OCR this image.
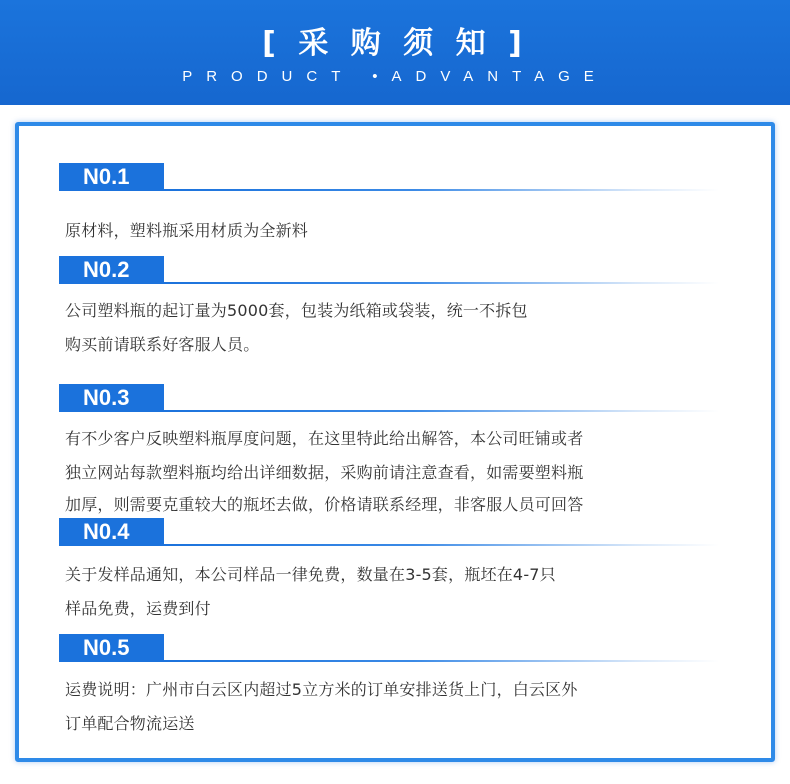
[ 采 购 须 知 ]
PRODUCT •ADVANTAGE
N0.1
原材料，塑料瓶采用材质为全新料
N0.2
公司塑料瓶的起订量为5000套，包装为纸箱或袋装，统一不拆包
购买前请联系好客服人员。
N0.3
有不少客户反映塑料瓶厚度问题，在这里特此给出解答，本公司旺铺或者
独立网站每款塑料瓶均给出详细数据，采购前请注意查看，如需要塑料瓶
加厚，则需要克重较大的瓶坯去做，价格请联系经理，非客服人员可回答
N0.4
关于发样品通知，本公司样品一律免费，数量在3-5套，瓶坯在4-7只
样品免费，运费到付
N0.5
运费说明：广州市白云区内超过5立方米的订单安排送货上门，白云区外
订单配合物流运送
